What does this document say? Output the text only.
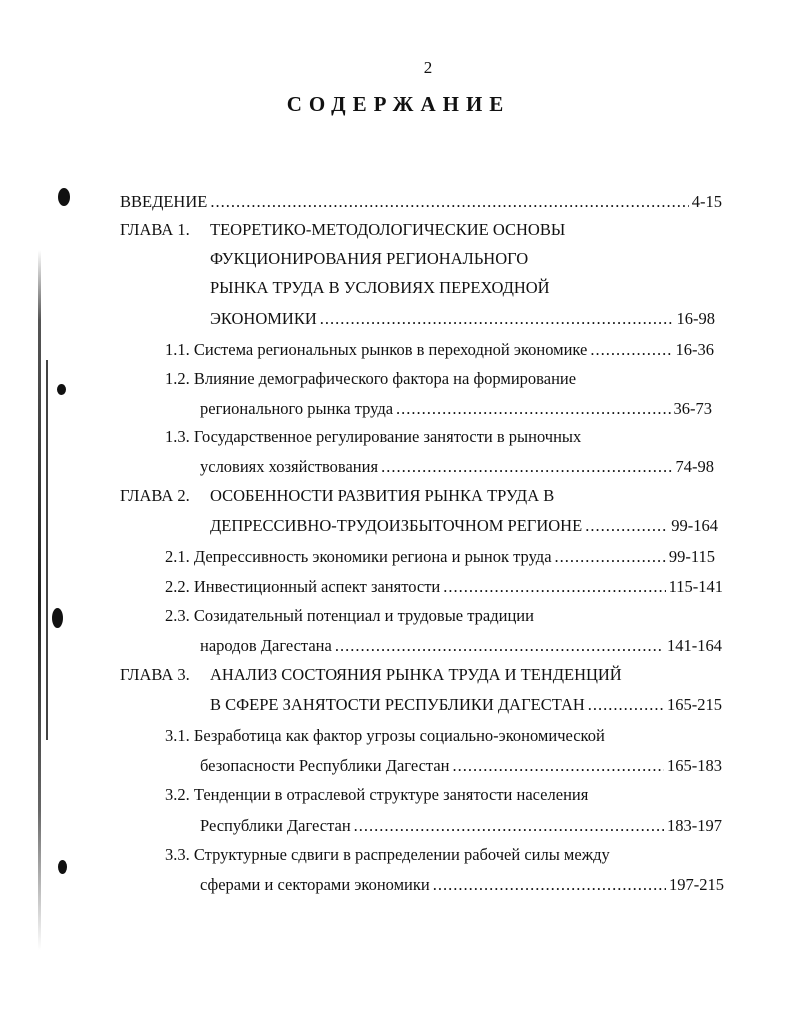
2
СОДЕРЖАНИЕ
ВВЕДЕНИЕ .....	4-15
ГЛАВА 1.	ТЕОРЕТИКО-МЕТОДОЛОГИЧЕСКИЕ ОСНОВЫ
ФУКЦИОНИРОВАНИЯ РЕГИОНАЛЬНОГО
РЫНКА ТРУДА В УСЛОВИЯХ ПЕРЕХОДНОЙ
ЭКОНОМИКИ .....	16-98
1.1. Система региональных рынков в переходной экономике .....	16-36
1.2. Влияние демографического фактора на формирование
регионального рынка труда .....	36-73
1.3. Государственное регулирование занятости в рыночных
условиях хозяйствования .....	74-98
ГЛАВА 2.	ОСОБЕННОСТИ РАЗВИТИЯ РЫНКА ТРУДА В
ДЕПРЕССИВНО-ТРУДОИЗБЫТОЧНОМ РЕГИОНЕ .....	99-164
2.1. Депрессивность экономики региона и рынок труда .....	99-115
2.2. Инвестиционный аспект занятости .....	115-141
2.3. Созидательный потенциал и трудовые традиции
народов Дагестана .....	141-164
ГЛАВА 3.	АНАЛИЗ СОСТОЯНИЯ РЫНКА ТРУДА И ТЕНДЕНЦИЙ
В СФЕРЕ ЗАНЯТОСТИ РЕСПУБЛИКИ ДАГЕСТАН .....	165-215
3.1. Безработица как фактор угрозы социально-экономической
безопасности Республики Дагестан .....	165-183
3.2. Тенденции в отраслевой структуре занятости населения
Республики Дагестан .....	183-197
3.3. Структурные сдвиги в распределении рабочей силы между
сферами и секторами экономики .....	197-215
